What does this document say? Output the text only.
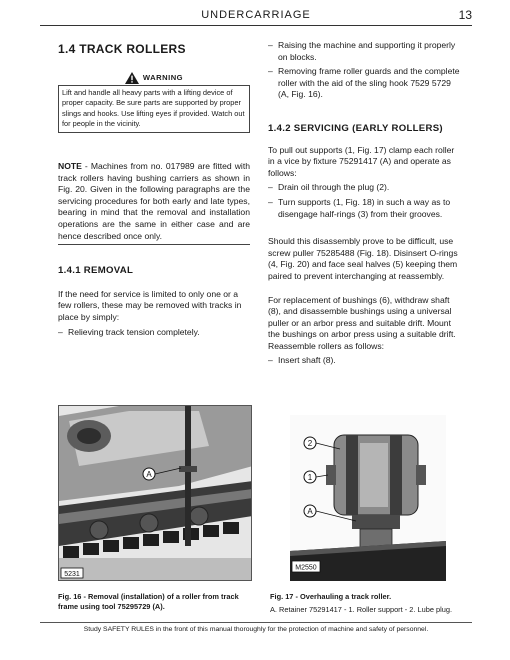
UNDERCARRIAGE	13
1.4 TRACK ROLLERS
WARNING
Lift and handle all heavy parts with a lifting device of proper capacity. Be sure parts are supported by proper slings and hooks. Use lifting eyes if provided. Watch out for people in the vicinity.
NOTE - Machines from no. 017989 are fitted with track rollers having bushing carriers as shown in Fig. 20. Given in the following paragraphs are the servicing procedures for both early and late types, bearing in mind that the removal and installation operations are the same in either case and are hence described once only.
1.4.1 REMOVAL

If the need for service is limited to only one or a few rollers, these may be removed with tracks in place by simply:

– Relieving track tension completely.
– Raising the machine and supporting it properly on blocks.
– Removing frame roller guards and the complete roller with the aid of the sling hook 7529 5729 (A, Fig. 16).
1.4.2 SERVICING (EARLY ROLLERS)

To pull out supports (1, Fig. 17) clamp each roller in a vice by fixture 75291417 (A) and operate as follows:

– Drain oil through the plug (2).
– Turn supports (1, Fig. 18) in such a way as to disengage half-rings (3) from their grooves.

Should this disassembly prove to be difficult, use screw puller 75285488 (Fig. 18). Disinsert O-rings (4, Fig. 20) and face seal halves (5) keeping them paired to prevent interchanging at reassembly.

For replacement of bushings (6), withdraw shaft (8), and disassemble bushings using a universal puller or an arbor press and suitable drift. Mount the bushings on arbor press using a suitable drift. Reassemble rollers as follows:

– Insert shaft (8).
A
5231
2
1
A
M2550
Fig. 16 - Removal (installation) of a roller from track frame using tool 75295729 (A).
Fig. 17 - Overhauling a track roller.
A. Retainer 75291417 - 1. Roller support - 2. Lube plug.
Study SAFETY RULES in the front of this manual thoroughly for the protection of machine and safety of personnel.
